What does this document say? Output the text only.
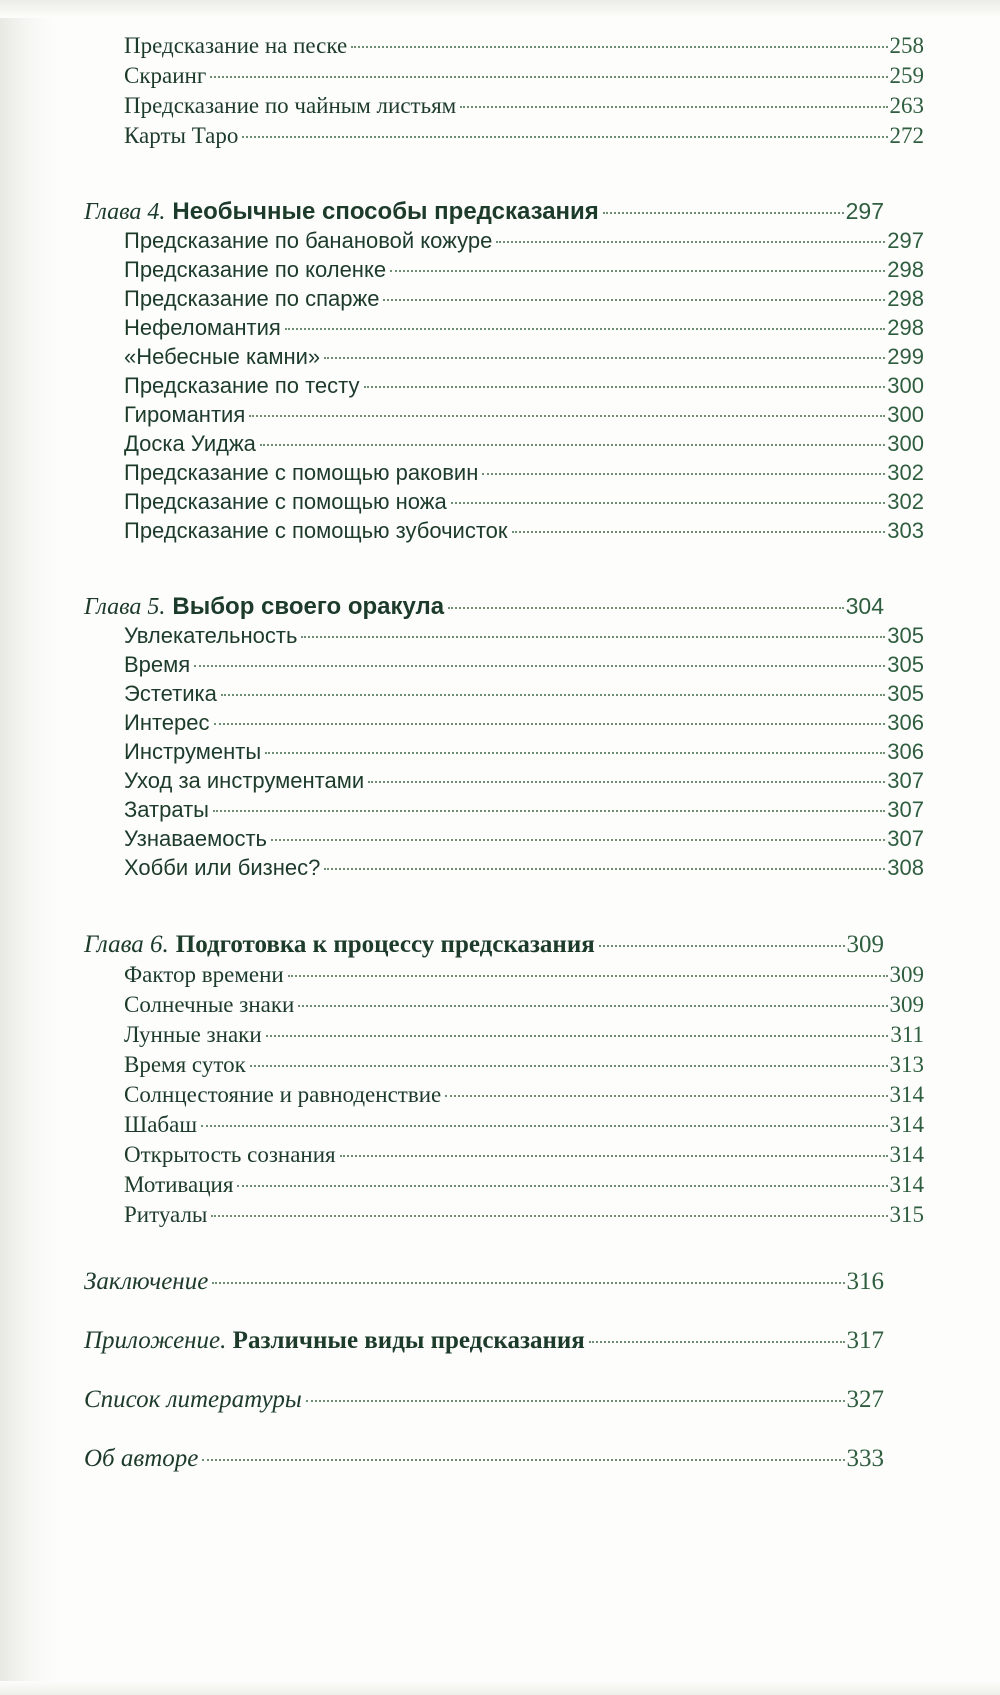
Предсказание на песке	258
Скраинг	259
Предсказание по чайным листьям	263
Карты Таро	272
Глава 4. Необычные способы предсказания	297
Предсказание по банановой кожуре	297
Предсказание по коленке	298
Предсказание по спарже	298
Нефеломантия	298
«Небесные камни»	299
Предсказание по тесту	300
Гиромантия	300
Доска Уиджа	300
Предсказание с помощью раковин	302
Предсказание с помощью ножа	302
Предсказание с помощью зубочисток	303
Глава 5. Выбор своего оракула	304
Увлекательность	305
Время	305
Эстетика	305
Интерес	306
Инструменты	306
Уход за инструментами	307
Затраты	307
Узнаваемость	307
Хобби или бизнес?	308
Глава 6. Подготовка к процессу предсказания	309
Фактор времени	309
Солнечные знаки	309
Лунные знаки	311
Время суток	313
Солнцестояние и равноденствие	314
Шабаш	314
Открытость сознания	314
Мотивация	314
Ритуалы	315
Заключение	316
Приложение. Различные виды предсказания	317
Список литературы	327
Об авторе	333
